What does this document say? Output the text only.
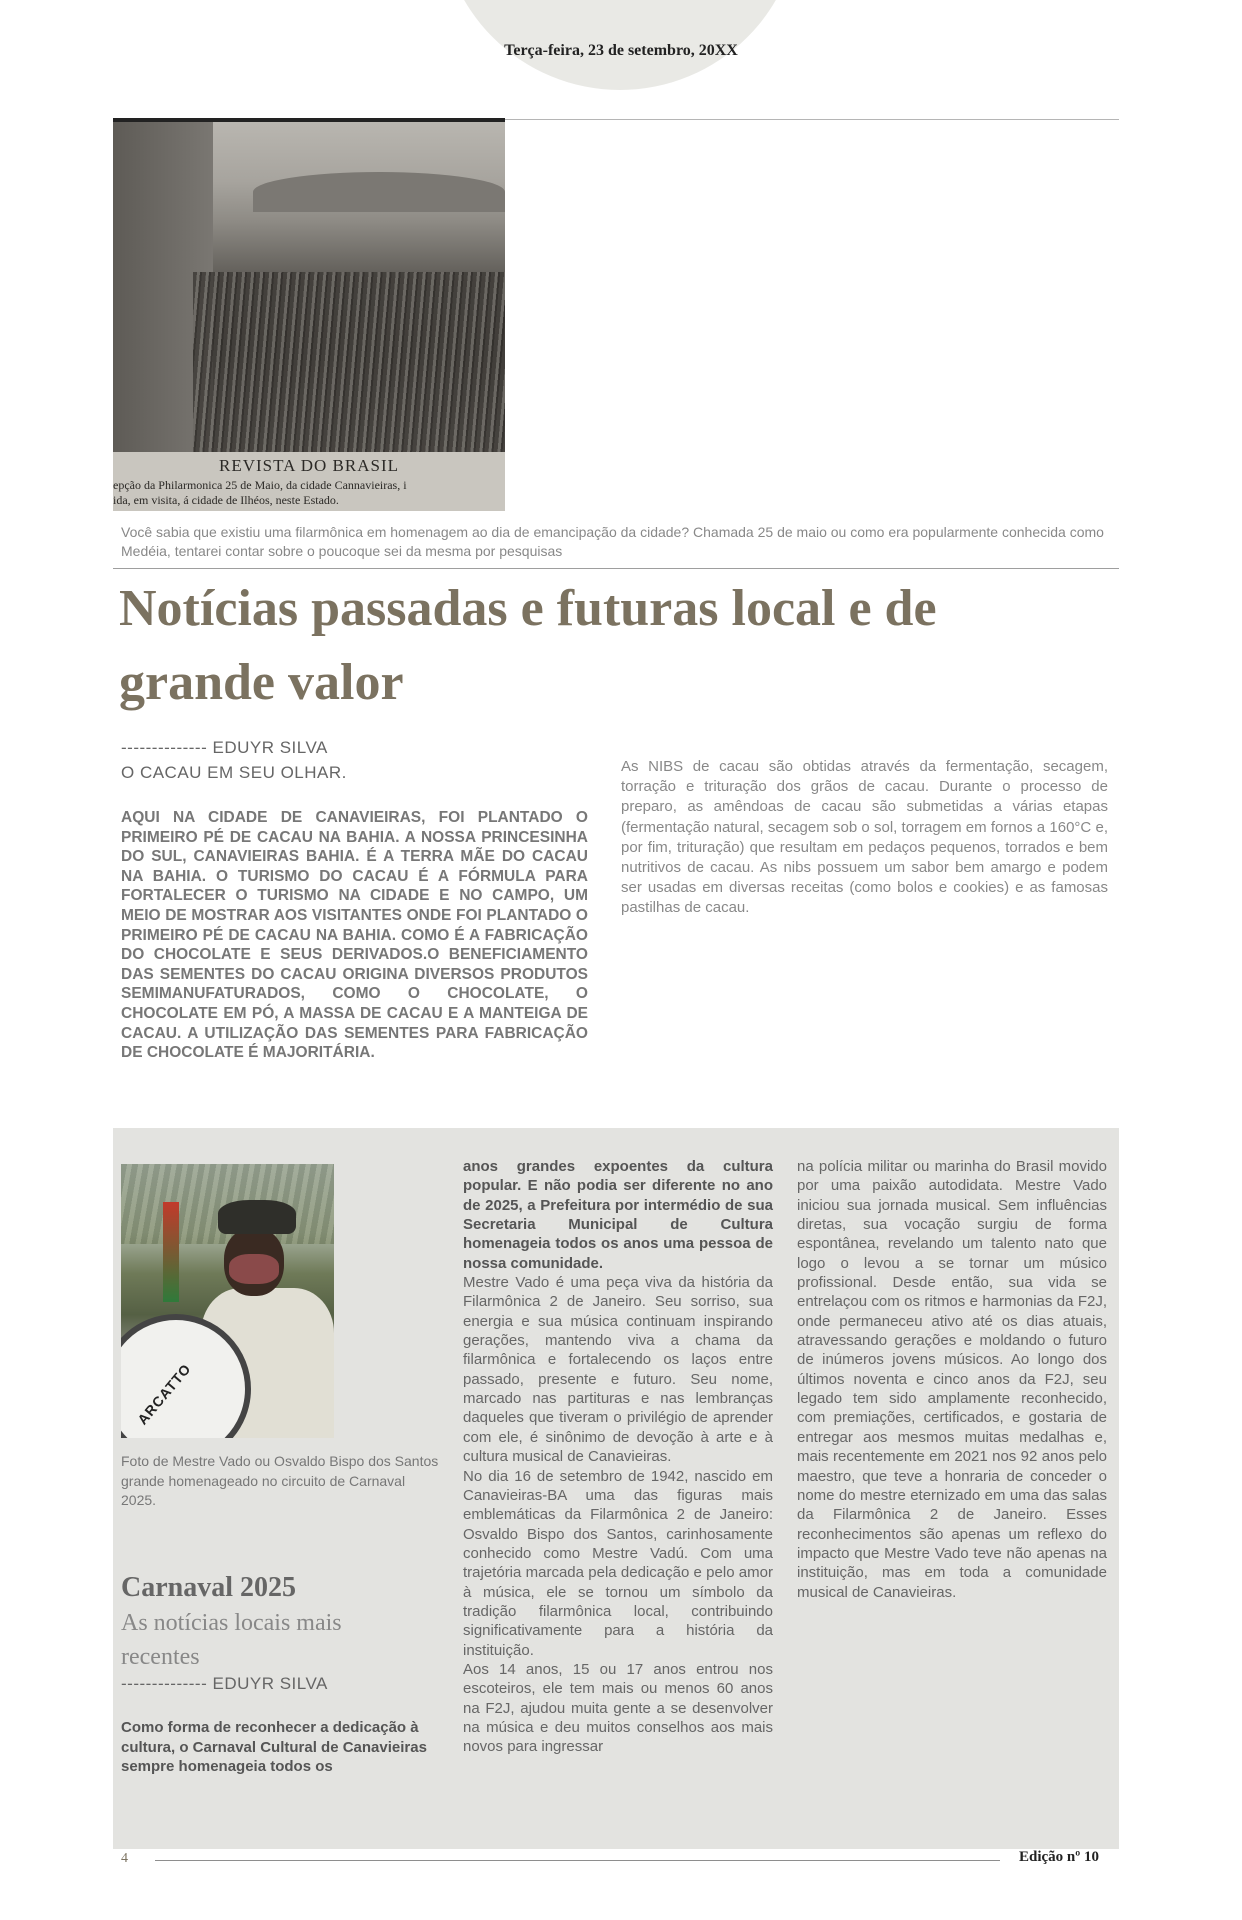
Terça-feira, 23 de setembro, 20XX
REVISTA DO BRASIL
epção da Philarmonica 25 de Maio, da cidade Cannavieiras, i
ida, em visita, á cidade de Ilhéos, neste Estado.
Você sabia que existiu uma filarmônica em homenagem ao dia de emancipação da cidade? Chamada 25 de maio ou como era popularmente conhecida como Medéia, tentarei contar sobre o poucoque sei da mesma por pesquisas
Notícias passadas e futuras local e de grande valor
-------------- EDUYR SILVA
O CACAU EM SEU OLHAR.

AQUI NA CIDADE DE CANAVIEIRAS, FOI PLANTADO O PRIMEIRO PÉ DE CACAU NA BAHIA. A NOSSA PRINCESINHA DO SUL, CANAVIEIRAS BAHIA. É A TERRA MÃE DO CACAU NA BAHIA. O TURISMO DO CACAU É A FÓRMULA PARA FORTALECER O TURISMO NA CIDADE E NO CAMPO, UM MEIO DE MOSTRAR AOS VISITANTES ONDE FOI PLANTADO O PRIMEIRO PÉ DE CACAU NA BAHIA. COMO É A FABRICAÇÃO DO CHOCOLATE E SEUS DERIVADOS.O BENEFICIAMENTO DAS SEMENTES DO CACAU ORIGINA DIVERSOS PRODUTOS SEMIMANUFATURADOS, COMO O CHOCOLATE, O CHOCOLATE EM PÓ, A MASSA DE CACAU E A MANTEIGA DE CACAU. A UTILIZAÇÃO DAS SEMENTES PARA FABRICAÇÃO DE CHOCOLATE É MAJORITÁRIA.

As NIBS de cacau são obtidas através da fermentação, secagem, torração e trituração dos grãos de cacau. Durante o processo de preparo, as amêndoas de cacau são submetidas a várias etapas (fermentação natural, secagem sob o sol, torragem em fornos a 160°C e, por fim, trituração) que resultam em pedaços pequenos, torrados e bem nutritivos de cacau. As nibs possuem um sabor bem amargo e podem ser usadas em diversas receitas (como bolos e cookies) e as famosas pastilhas de cacau.

ARCATTO
Foto de Mestre Vado ou Osvaldo Bispo dos Santos grande homenageado no circuito de Carnaval 2025.
Carnaval 2025
As notícias locais mais recentes
-------------- EDUYR SILVA

Como forma de reconhecer a dedicação à cultura, o Carnaval Cultural de Canavieiras sempre homenageia todos os

anos grandes expoentes da cultura popular. E não podia ser diferente no ano de 2025, a Prefeitura por intermédio de sua Secretaria Municipal de Cultura homenageia todos os anos uma pessoa de nossa comunidade.

Mestre Vado é uma peça viva da história da Filarmônica 2 de Janeiro. Seu sorriso, sua energia e sua música continuam inspirando gerações, mantendo viva a chama da filarmônica e fortalecendo os laços entre passado, presente e futuro. Seu nome, marcado nas partituras e nas lembranças daqueles que tiveram o privilégio de aprender com ele, é sinônimo de devoção à arte e à cultura musical de Canavieiras.

No dia 16 de setembro de 1942, nascido em Canavieiras-BA uma das figuras mais emblemáticas da Filarmônica 2 de Janeiro: Osvaldo Bispo dos Santos, carinhosamente conhecido como Mestre Vadú. Com uma trajetória marcada pela dedicação e pelo amor à música, ele se tornou um símbolo da tradição filarmônica local, contribuindo significativamente para a história da instituição.

Aos 14 anos, 15 ou 17 anos entrou nos escoteiros, ele tem mais ou menos 60 anos na F2J, ajudou muita gente a se desenvolver na música e deu muitos conselhos aos mais novos para ingressar

na polícia militar ou marinha do Brasil movido por uma paixão autodidata. Mestre Vado iniciou sua jornada musical. Sem influências diretas, sua vocação surgiu de forma espontânea, revelando um talento nato que logo o levou a se tornar um músico profissional. Desde então, sua vida se entrelaçou com os ritmos e harmonias da F2J, onde permaneceu ativo até os dias atuais, atravessando gerações e moldando o futuro de inúmeros jovens músicos. Ao longo dos últimos noventa e cinco anos da F2J, seu legado tem sido amplamente reconhecido, com premiações, certificados, e gostaria de entregar aos mesmos muitas medalhas e, mais recentemente em 2021 nos 92 anos pelo maestro, que teve a honraria de conceder o nome do mestre eternizado em uma das salas da Filarmônica 2 de Janeiro. Esses reconhecimentos são apenas um reflexo do impacto que Mestre Vado teve não apenas na instituição, mas em toda a comunidade musical de Canavieiras.

4	Edição nº 10
